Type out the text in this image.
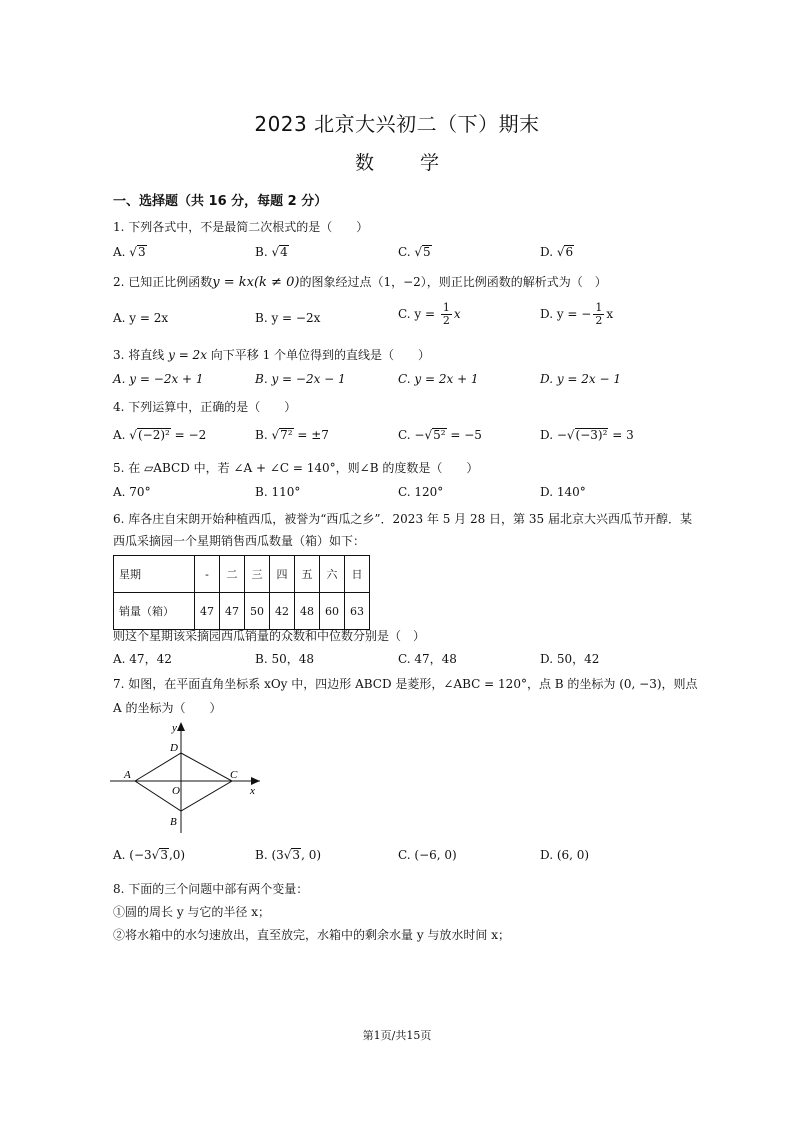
2023 北京大兴初二（下）期末
数学
一、选择题（共 16 分，每题 2 分）
1. 下列各式中，不是最简二次根式的是（　　）
A. √3	B. √4	C. √5	D. √6
2. 已知正比例函数y = kx(k ≠ 0)的图象经过点（1，−2），则正比例函数的解析式为（　）
A. y = 2x	B. y = −2x	C. $y = \frac{1}{2}$ x	D. y = − $\frac{1}{2}$ x
3. 将直线 y = 2x 向下平移 1 个单位得到的直线是（　　）
A. y = −2x + 1	B. y = −2x − 1	C. y = 2x + 1	D. y = 2x − 1
4. 下列运算中，正确的是（　　）
A. √(−2)² = −2	B. √7² = ±7	C. −√5² = −5	D. −√(−3)² = 3
5. 在 ▱ABCD 中，若 ∠A + ∠C = 140°，则∠B 的度数是（　　）
A. 70°	B. 110°	C. 120°	D. 140°
6. 库各庄自宋朗开始种植西瓜，被誉为“西瓜之乡”．2023 年 5 月 28 日，第 35 届北京大兴西瓜节开醇．某
西瓜采摘园一个星期销售西瓜数量（箱）如下：
星期	-	二	三	四	五	六	日
销量（箱）	47	47	50	42	48	60	63
则这个星期该采摘园西瓜销量的众数和中位数分别是（　）
A. 47，42	B. 50，48	C. 47，48	D. 50，42
7. 如图，在平面直角坐标系 xOy 中，四边形 ABCD 是菱形，∠ABC = 120°，点 B 的坐标为 (0, −3)，则点
A 的坐标为（　　）
y
x
A	C
D
B
O
A. (−3√3,0)	B. (3√3, 0)	C. (−6, 0)	D. (6, 0)
8. 下面的三个问题中部有两个变量：
①圆的周长 y 与它的半径 x；
②将水箱中的水匀速放出，直至放完，水箱中的剩余水量 y 与放水时间 x；
第1页/共15页
